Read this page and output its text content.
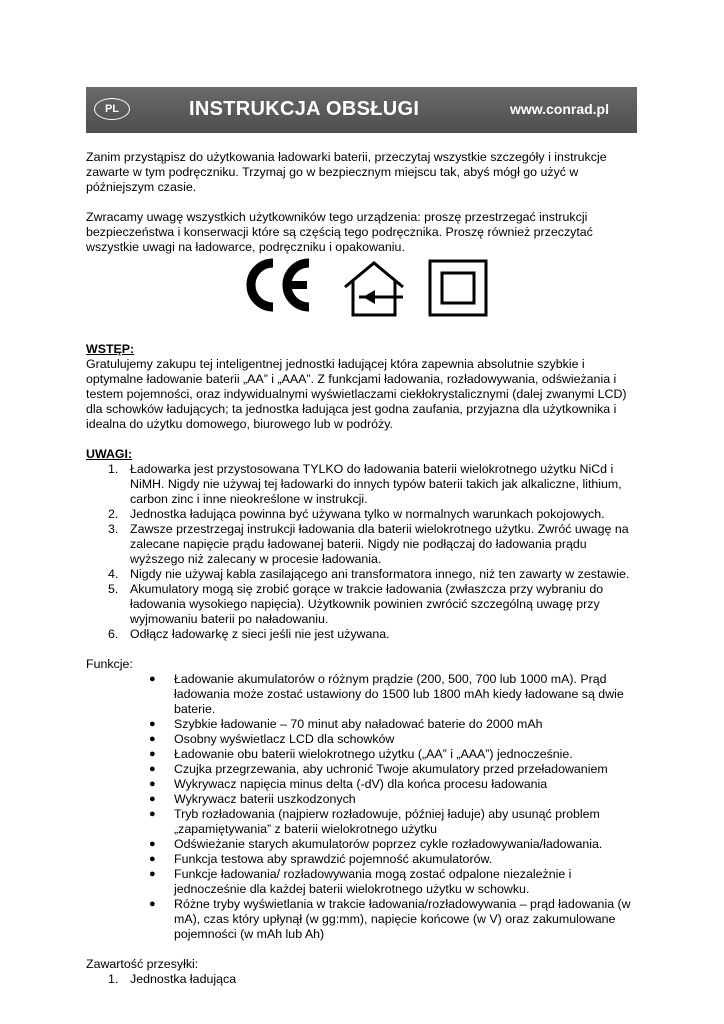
PL	INSTRUKCJA OBSŁUGI	www.conrad.pl

Zanim przystąpisz do użytkowania ładowarki baterii, przeczytaj wszystkie szczegóły i instrukcje zawarte w tym podręczniku. Trzymaj go w bezpiecznym miejscu tak, abyś mógł go użyć w późniejszym czasie.

Zwracamy uwagę wszystkich użytkowników tego urządzenia: proszę przestrzegać instrukcji bezpieczeństwa i konserwacji które są częścią tego podręcznika. Proszę również przeczytać wszystkie uwagi na ładowarce, podręczniku i opakowaniu.

WSTĘP:

Gratulujemy zakupu tej inteligentnej jednostki ładującej która zapewnia absolutnie szybkie i optymalne ładowanie baterii „AA” i „AAA”. Z funkcjami ładowania, rozładowywania, odświeżania i testem pojemności, oraz indywidualnymi wyświetlaczami ciekłokrystalicznymi (dalej zwanymi LCD) dla schowków ładujących; ta jednostka ładująca jest godna zaufania, przyjazna dla użytkownika i idealna do użytku domowego, biurowego lub w podróży.

UWAGI:

1. Ładowarka jest przystosowana TYLKO do ładowania baterii wielokrotnego użytku NiCd i NiMH. Nigdy nie używaj tej ładowarki do innych typów baterii takich jak alkaliczne, lithium, carbon zinc i inne nieokreślone w instrukcji.
2. Jednostka ładująca powinna być używana tylko w normalnych warunkach pokojowych.
3. Zawsze przestrzegaj instrukcji ładowania dla baterii wielokrotnego użytku. Zwróć uwagę na zalecane napięcie prądu ładowanej baterii. Nigdy nie podłączaj do ładowania prądu wyższego niż zalecany w procesie ładowania.
4. Nigdy nie używaj kabla zasilającego ani transformatora innego, niż ten zawarty w zestawie.
5. Akumulatory mogą się zrobić gorące w trakcie ładowania (zwłaszcza przy wybraniu do ładowania wysokiego napięcia). Użytkownik powinien zwrócić szczególną uwagę przy wyjmowaniu baterii po naładowaniu.
6. Odłącz ładowarkę z sieci jeśli nie jest używana.

Funkcje:

● Ładowanie akumulatorów o różnym prądzie (200, 500, 700 lub 1000 mA). Prąd ładowania może zostać ustawiony do 1500 lub 1800 mAh kiedy ładowane są dwie baterie.
● Szybkie ładowanie – 70 minut aby naładować baterie do 2000 mAh
● Osobny wyświetlacz LCD dla schowków
● Ładowanie obu baterii wielokrotnego użytku („AA” i „AAA”) jednocześnie.
● Czujka przegrzewania, aby uchronić Twoje akumulatory przed przeładowaniem
● Wykrywacz napięcia minus delta (-dV) dla końca procesu ładowania
● Wykrywacz baterii uszkodzonych
● Tryb rozładowania (najpierw rozładowuje, później ładuje) aby usunąć problem „zapamiętywania” z baterii wielokrotnego użytku
● Odświeżanie starych akumulatorów poprzez cykle rozładowywania/ładowania.
● Funkcja testowa aby sprawdzić pojemność akumulatorów.
● Funkcje ładowania/ rozładowywania mogą zostać odpalone niezależnie i jednocześnie dla każdej baterii wielokrotnego użytku w schowku.
● Różne tryby wyświetlania w trakcie ładowania/rozładowywania – prąd ładowania (w mA), czas który upłynął (w gg:mm), napięcie końcowe (w V) oraz zakumulowane pojemności (w mAh lub Ah)

Zawartość przesyłki:

1. Jednostka ładująca
